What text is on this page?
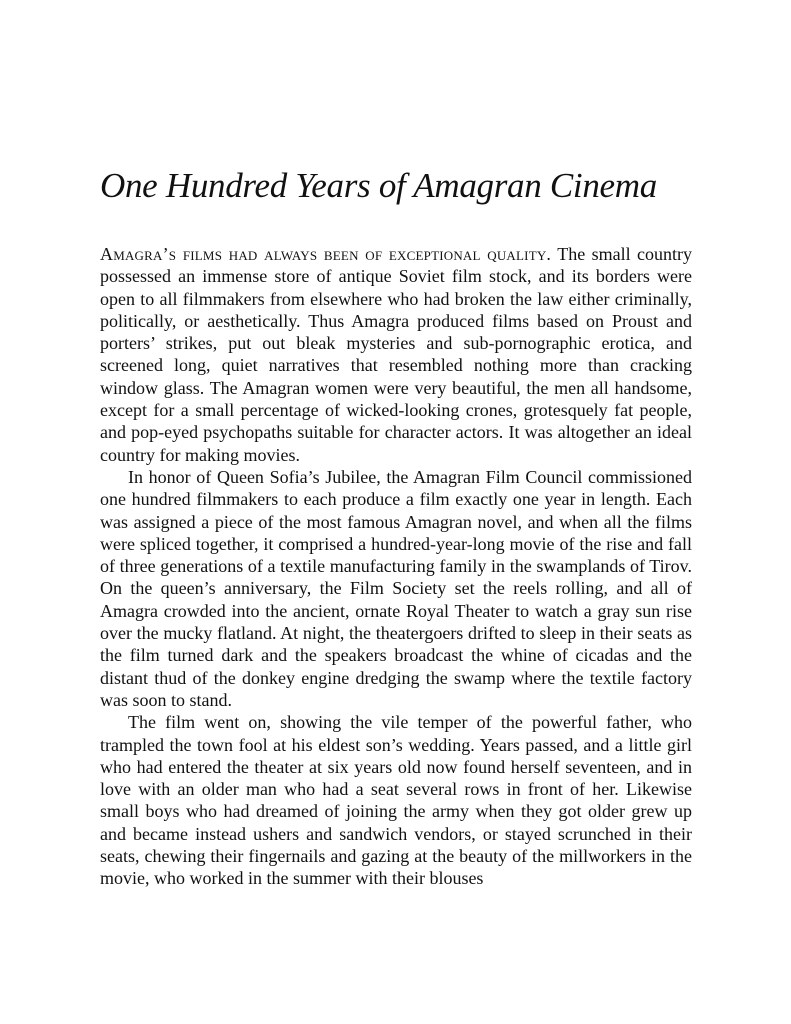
One Hundred Years of Amagran Cinema

Amagra’s films had always been of exceptional quality. The small country possessed an immense store of antique Soviet film stock, and its borders were open to all filmmakers from elsewhere who had broken the law either criminally, politically, or aesthetically. Thus Amagra produced films based on Proust and porters’ strikes, put out bleak mysteries and sub-pornographic erotica, and screened long, quiet narratives that resembled nothing more than cracking window glass. The Amagran women were very beautiful, the men all handsome, except for a small percentage of wicked-looking crones, grotesquely fat people, and pop-eyed psychopaths suitable for character actors. It was altogether an ideal country for making movies.

In honor of Queen Sofia’s Jubilee, the Amagran Film Council commissioned one hundred filmmakers to each produce a film exactly one year in length. Each was assigned a piece of the most famous Amagran novel, and when all the films were spliced together, it comprised a hundred-year-long movie of the rise and fall of three generations of a textile manufacturing family in the swamplands of Tirov. On the queen’s anniversary, the Film Society set the reels rolling, and all of Amagra crowded into the ancient, ornate Royal Theater to watch a gray sun rise over the mucky flatland. At night, the theatergoers drifted to sleep in their seats as the film turned dark and the speakers broadcast the whine of cicadas and the distant thud of the donkey engine dredging the swamp where the textile factory was soon to stand.

The film went on, showing the vile temper of the powerful father, who trampled the town fool at his eldest son’s wedding. Years passed, and a little girl who had entered the theater at six years old now found herself seventeen, and in love with an older man who had a seat several rows in front of her. Likewise small boys who had dreamed of joining the army when they got older grew up and became instead ushers and sandwich vendors, or stayed scrunched in their seats, chewing their fingernails and gazing at the beauty of the millworkers in the movie, who worked in the summer with their blouses
